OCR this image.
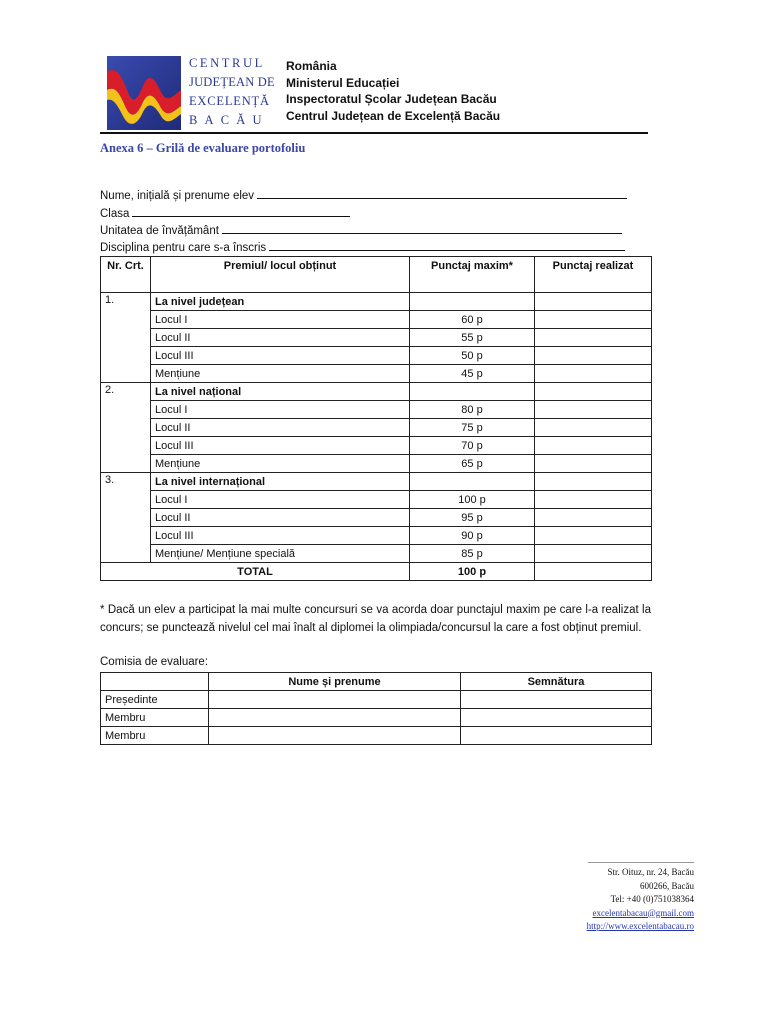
CENTRUL
JUDEȚEAN DE
EXCELENȚĂ
BACĂU
România
Ministerul Educației
Inspectoratul Școlar Județean Bacău
Centrul Județean de Excelență Bacău
Anexa 6 – Grilă de evaluare portofoliu
Nume, inițială și prenume elev
Clasa
Unitatea de învățământ
Disciplina pentru care s-a înscris
Nr. Crt.	Premiul/ locul obținut	Punctaj maxim*	Punctaj realizat
1.	La nivel județean		
	Locul I	60 p	
	Locul II	55 p	
	Locul III	50 p	
	Mențiune	45 p	
2.	La nivel național		
	Locul I	80 p	
	Locul II	75 p	
	Locul III	70 p	
	Mențiune	65 p	
3.	La nivel internațional		
	Locul I	100 p	
	Locul II	95 p	
	Locul III	90 p	
	Mențiune/ Mențiune specială	85 p	
TOTAL		100 p	
* Dacă un elev a participat la mai multe concursuri se va acorda doar punctajul maxim pe care l-a realizat la concurs; se punctează nivelul cel mai înalt al diplomei la olimpiada/concursul la care a fost obținut premiul.
Comisia de evaluare:
	Nume și prenume	Semnătura
Președinte		
Membru		
Membru		
Str. Oituz, nr. 24, Bacău
600266, Bacău
Tel: +40 (0)751038364
excelentabacau@gmail.com
http://www.excelentabacau.ro
